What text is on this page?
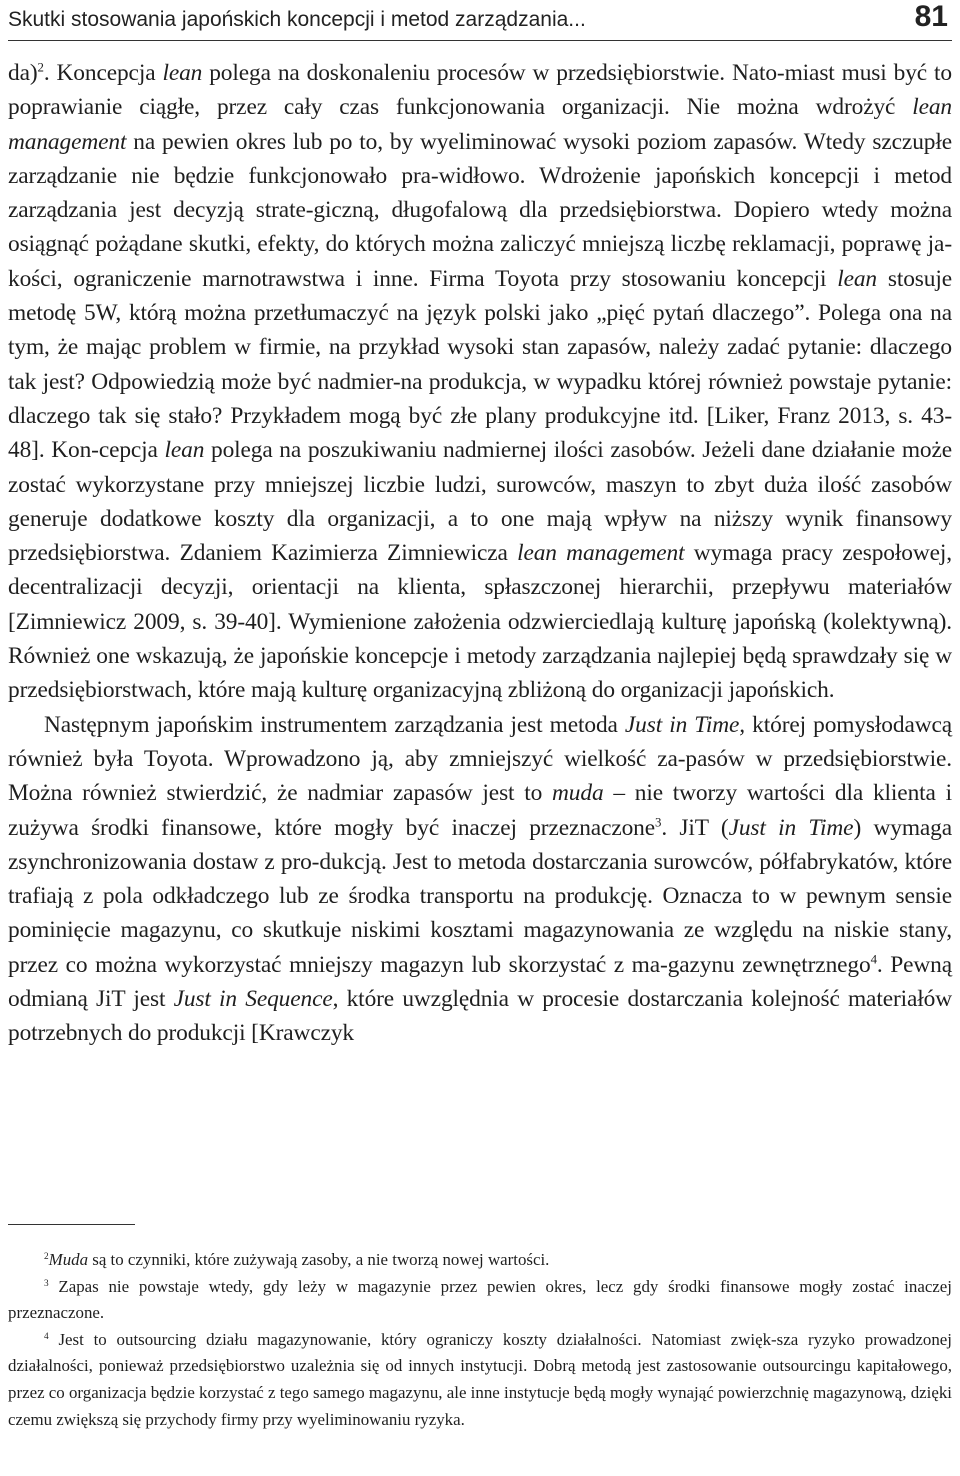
Skutki stosowania japońskich koncepcji i metod zarządzania...	81

da)$^2$. Koncepcja lean polega na doskonaleniu procesów w przedsiębiorstwie. Nato-miast musi być to poprawianie ciągłe, przez cały czas funkcjonowania organizacji. Nie można wdrożyć lean management na pewien okres lub po to, by wyeliminować wysoki poziom zapasów. Wtedy szczupłe zarządzanie nie będzie funkcjonowało pra-widłowo. Wdrożenie japońskich koncepcji i metod zarządzania jest decyzją strate-giczną, długofalową dla przedsiębiorstwa. Dopiero wtedy można osiągnąć pożądane skutki, efekty, do których można zaliczyć mniejszą liczbę reklamacji, poprawę ja-kości, ograniczenie marnotrawstwa i inne. Firma Toyota przy stosowaniu koncepcji lean stosuje metodę 5W, którą można przetłumaczyć na język polski jako „pięć pytań dlaczego”. Polega ona na tym, że mając problem w firmie, na przykład wysoki stan zapasów, należy zadać pytanie: dlaczego tak jest? Odpowiedzią może być nadmier-na produkcja, w wypadku której również powstaje pytanie: dlaczego tak się stało? Przykładem mogą być złe plany produkcyjne itd. [Liker, Franz 2013, s. 43-48]. Kon-cepcja lean polega na poszukiwaniu nadmiernej ilości zasobów. Jeżeli dane działanie może zostać wykorzystane przy mniejszej liczbie ludzi, surowców, maszyn to zbyt duża ilość zasobów generuje dodatkowe koszty dla organizacji, a to one mają wpływ na niższy wynik finansowy przedsiębiorstwa. Zdaniem Kazimierza Zimniewicza lean management wymaga pracy zespołowej, decentralizacji decyzji, orientacji na klienta, spłaszczonej hierarchii, przepływu materiałów [Zimniewicz 2009, s. 39-40]. Wymienione założenia odzwierciedlają kulturę japońską (kolektywną). Również one wskazują, że japońskie koncepcje i metody zarządzania najlepiej będą sprawdzały się w przedsiębiorstwach, które mają kulturę organizacyjną zbliżoną do organizacji japońskich.

Następnym japońskim instrumentem zarządzania jest metoda Just in Time, której pomysłodawcą również była Toyota. Wprowadzono ją, aby zmniejszyć wielkość za-pasów w przedsiębiorstwie. Można również stwierdzić, że nadmiar zapasów jest to muda – nie tworzy wartości dla klienta i zużywa środki finansowe, które mogły być inaczej przeznaczone$^3$. JiT (Just in Time) wymaga zsynchronizowania dostaw z pro-dukcją. Jest to metoda dostarczania surowców, półfabrykatów, które trafiają z pola odkładczego lub ze środka transportu na produkcję. Oznacza to w pewnym sensie pominięcie magazynu, co skutkuje niskimi kosztami magazynowania ze względu na niskie stany, przez co można wykorzystać mniejszy magazyn lub skorzystać z ma-gazynu zewnętrznego$^4$. Pewną odmianą JiT jest Just in Sequence, które uwzględnia w procesie dostarczania kolejność materiałów potrzebnych do produkcji [Krawczyk

$^2$Muda są to czynniki, które zużywają zasoby, a nie tworzą nowej wartości.

$^3$ Zapas nie powstaje wtedy, gdy leży w magazynie przez pewien okres, lecz gdy środki finansowe mogły zostać inaczej przeznaczone.

$^4$ Jest to outsourcing działu magazynowanie, który ograniczy koszty działalności. Natomiast zwięk-sza ryzyko prowadzonej działalności, ponieważ przedsiębiorstwo uzależnia się od innych instytucji. Dobrą metodą jest zastosowanie outsourcingu kapitałowego, przez co organizacja będzie korzystać z tego samego magazynu, ale inne instytucje będą mogły wynająć powierzchnię magazynową, dzięki czemu zwiększą się przychody firmy przy wyeliminowaniu ryzyka.
